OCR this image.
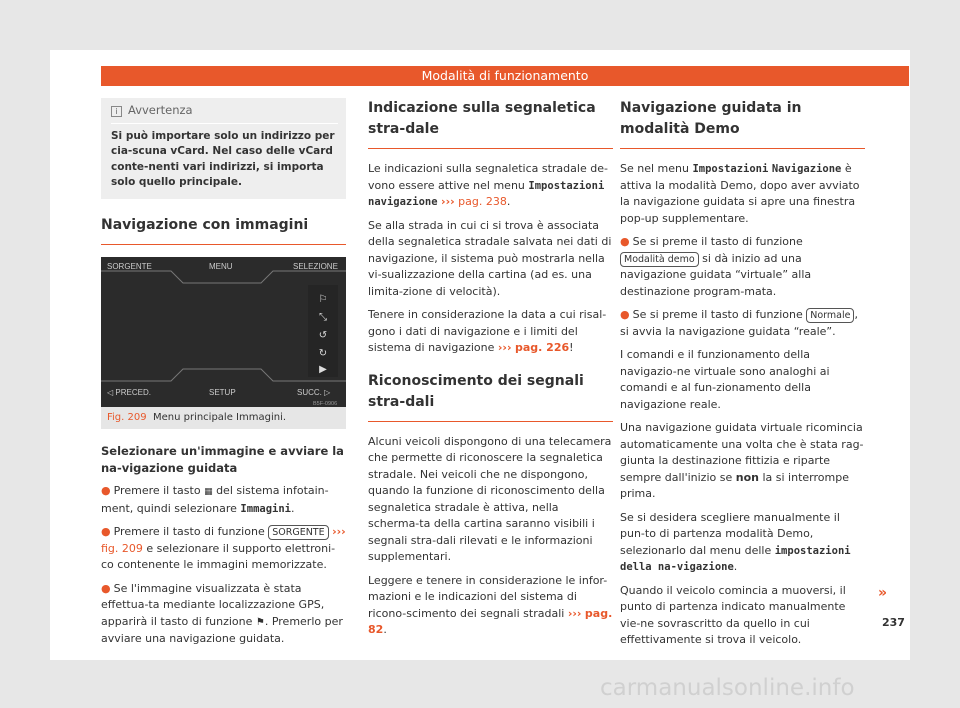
Modalità di funzionamento
i Avvertenza
Si può importare solo un indirizzo per cia-scuna vCard. Nel caso delle vCard conte-nenti vari indirizzi, si importa solo quello principale.
Navigazione con immagini
SORGENTE	MENU	SELEZIONE
⚐
⤡
↺
↻
▶
◁ PRECED.	SETUP	SUCC. ▷
B5F-0906
Fig. 209 Menu principale Immagini.

Selezionare un'immagine e avviare la na-vigazione guidata

● Premere il tasto ▦ del sistema infotain-ment, quindi selezionare Immagini.

● Premere il tasto di funzione SORGENTE ››› fig. 209 e selezionare il supporto elettroni-co contenente le immagini memorizzate.

● Se l'immagine visualizzata è stata effettua-ta mediante localizzazione GPS, apparirà il tasto di funzione ⚑. Premerlo per avviare una navigazione guidata.

Indicazione sulla segnaletica stra-dale

Le indicazioni sulla segnaletica stradale de-vono essere attive nel menu Impostazioni navigazione ››› pag. 238.

Se alla strada in cui ci si trova è associata della segnaletica stradale salvata nei dati di navigazione, il sistema può mostrarla nella vi-sualizzazione della cartina (ad es. una limita-zione di velocità).

Tenere in considerazione la data a cui risal-gono i dati di navigazione e i limiti del sistema di navigazione ››› pag. 226!

Riconoscimento dei segnali stra-dali

Alcuni veicoli dispongono di una telecamera che permette di riconoscere la segnaletica stradale. Nei veicoli che ne dispongono, quando la funzione di riconoscimento della segnaletica stradale è attiva, nella scherma-ta della cartina saranno visibili i segnali stra-dali rilevati e le informazioni supplementari.

Leggere e tenere in considerazione le infor-mazioni e le indicazioni del sistema di ricono-scimento dei segnali stradali ››› pag. 82.

Navigazione guidata in modalità Demo

Se nel menu Impostazioni Navigazione è attiva la modalità Demo, dopo aver avviato la navigazione guidata si apre una finestra pop-up supplementare.

● Se si preme il tasto di funzione Modalità demo si dà inizio ad una navigazione guidata “virtuale” alla destinazione program-mata.

● Se si preme il tasto di funzione Normale , si avvia la navigazione guidata “reale”.

I comandi e il funzionamento della navigazio-ne virtuale sono analoghi ai comandi e al fun-zionamento della navigazione reale.

Una navigazione guidata virtuale ricomincia automaticamente una volta che è stata rag-giunta la destinazione fittizia e riparte sempre dall'inizio se non la si interrompe prima.

Se si desidera scegliere manualmente il pun-to di partenza modalità Demo, selezionarlo dal menu delle impostazioni della na-vigazione.

Quando il veicolo comincia a muoversi, il punto di partenza indicato manualmente vie-ne sovrascritto da quello in cui effettivamente si trova il veicolo.

»
237
carmanualsonline.info
